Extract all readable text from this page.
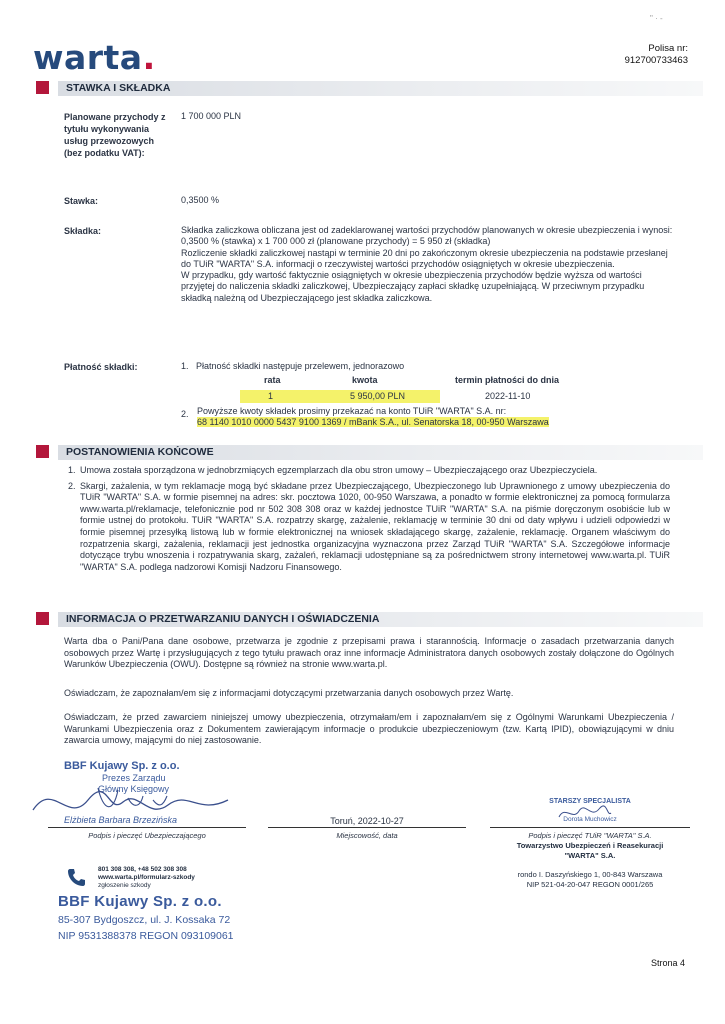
" · -
warta.	Polisa nr:
912700733463
STAWKA I SKŁADKA
Planowane przychody z tytułu wykonywania usług przewozowych (bez podatku VAT):
1 700 000 PLN
Stawka:	0,3500 %
Składka:	Składka zaliczkowa obliczana jest od zadeklarowanej wartości przychodów planowanych w okresie ubezpieczenia i wynosi:
0,3500 % (stawka) x 1 700 000 zł (planowane przychody) = 5 950 zł (składka)
Rozliczenie składki zaliczkowej nastąpi w terminie 20 dni po zakończonym okresie ubezpieczenia na podstawie przesłanej do TUiR "WARTA" S.A. informacji o rzeczywistej wartości przychodów osiągniętych w okresie ubezpieczenia.
W przypadku, gdy wartość faktycznie osiągniętych w okresie ubezpieczenia przychodów będzie wyższa od wartości przyjętej do naliczenia składki zaliczkowej, Ubezpieczający zapłaci składkę uzupełniającą. W przeciwnym przypadku składką należną od Ubezpieczającego jest składka zaliczkowa.
Płatność składki:	1. Płatność składki następuje przelewem, jednorazowo
rata	kwota	termin płatności do dnia
1	5 950,00 PLN	2022-11-10
2. Powyższe kwoty składek prosimy przekazać na konto TUiR "WARTA" S.A. nr:
68 1140 1010 0000 5437 9100 1369 / mBank S.A., ul. Senatorska 18, 00-950 Warszawa
POSTANOWIENIA KOŃCOWE
1. Umowa została sporządzona w jednobrzmiących egzemplarzach dla obu stron umowy – Ubezpieczającego oraz Ubezpieczyciela.
2. Skargi, zażalenia, w tym reklamacje mogą być składane przez Ubezpieczającego, Ubezpieczonego lub Uprawnionego z umowy ubezpieczenia do TUiR "WARTA" S.A. w formie pisemnej na adres: skr. pocztowa 1020, 00-950 Warszawa, a ponadto w formie elektronicznej za pomocą formularza www.warta.pl/reklamacje, telefonicznie pod nr 502 308 308 oraz w każdej jednostce TUiR "WARTA" S.A. na piśmie doręczonym osobiście lub w formie ustnej do protokołu. TUiR "WARTA" S.A. rozpatrzy skargę, zażalenie, reklamację w terminie 30 dni od daty wpływu i udzieli odpowiedzi w formie pisemnej przesyłką listową lub w formie elektronicznej na wniosek składającego skargę, zażalenie, reklamację. Organem właściwym do rozpatrzenia skargi, zażalenia, reklamacji jest jednostka organizacyjna wyznaczona przez Zarząd TUiR "WARTA" S.A. Szczegółowe informacje dotyczące trybu wnoszenia i rozpatrywania skarg, zażaleń, reklamacji udostępniane są za pośrednictwem strony internetowej www.warta.pl. TUiR "WARTA" S.A. podlega nadzorowi Komisji Nadzoru Finansowego.
INFORMACJA O PRZETWARZANIU DANYCH I OŚWIADCZENIA
Warta dba o Pani/Pana dane osobowe, przetwarza je zgodnie z przepisami prawa i starannością. Informacje o zasadach przetwarzania danych osobowych przez Wartę i przysługujących z tego tytułu prawach oraz inne informacje Administratora danych osobowych zostały dołączone do Ogólnych Warunków Ubezpieczenia (OWU). Dostępne są również na stronie www.warta.pl.
Oświadczam, że zapoznałam/em się z informacjami dotyczącymi przetwarzania danych osobowych przez Wartę.
Oświadczam, że przed zawarciem niniejszej umowy ubezpieczenia, otrzymałam/em i zapoznałam/em się z Ogólnymi Warunkami Ubezpieczenia / Warunkami Ubezpieczenia oraz z Dokumentem zawierającym informacje o produkcie ubezpieczeniowym (tzw. Kartą IPID), obowiązującymi w dniu zawarcia umowy, mającymi do niej zastosowanie.
BBF Kujawy Sp. z o.o.
Prezes Zarządu
Główny Księgowy
Elżbieta Barbara Brzezińska
Podpis i pieczęć Ubezpieczającego
Toruń, 2022-10-27
Miejscowość, data
STARSZY SPECJALISTA
Dorota Muchowicz
Podpis i pieczęć TUiR "WARTA" S.A.
Towarzystwo Ubezpieczeń i Reasekuracji
"WARTA" S.A.
rondo I. Daszyńskiego 1, 00-843 Warszawa
NIP 521-04-20-047 REGON 0001/265
801 308 308, +48 502 308 308
www.warta.pl/formularz-szkody
zgłoszenie szkody
BBF Kujawy Sp. z o.o.
85-307 Bydgoszcz, ul. J. Kossaka 72
NIP 9531388378 REGON 093109061
Strona 4
